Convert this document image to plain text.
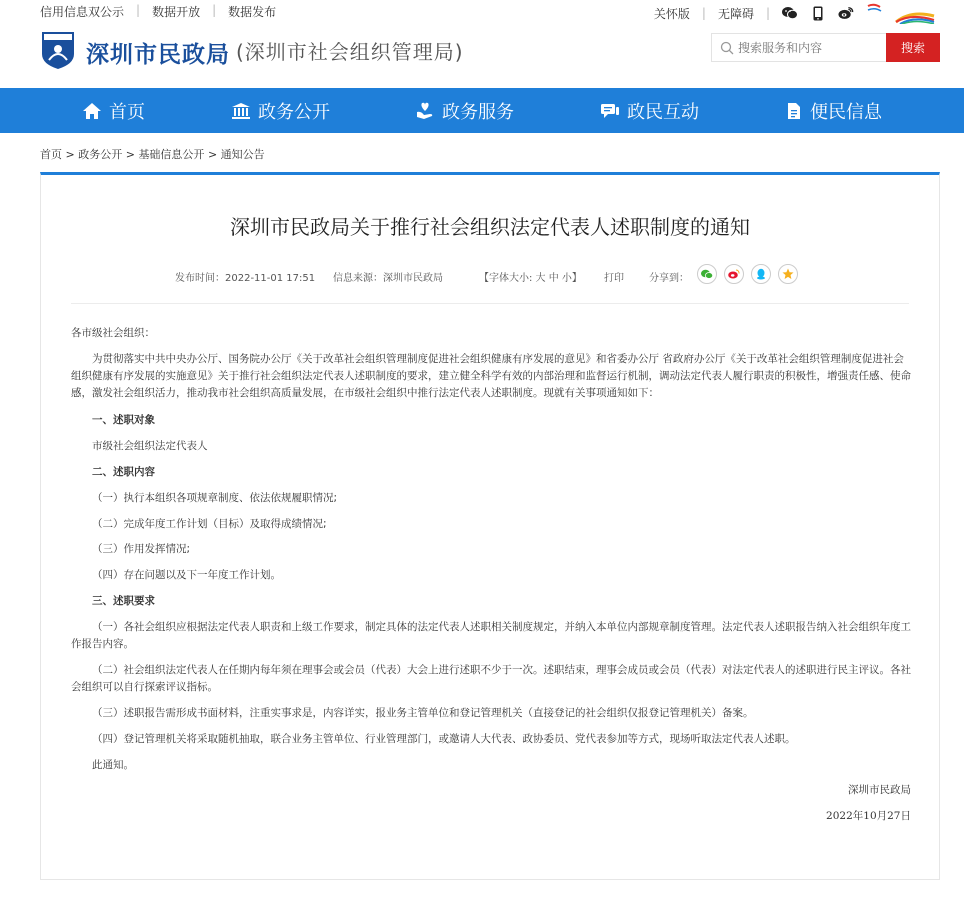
信用信息双公示 | 数据开放 | 数据发布	关怀版 | 无障碍 |
深圳市民政局 (深圳市社会组织管理局)
搜索服务和内容	搜索
首页	政务公开	政务服务	政民互动	便民信息
首页 > 政务公开 > 基础信息公开 > 通知公告
深圳市民政局关于推行社会组织法定代表人述职制度的通知
发布时间：2022-11-01 17:51 信息来源：深圳市民政局	【字体大小: 大 中 小】 打印	分享到：

各市级社会组织：

为贯彻落实中共中央办公厅、国务院办公厅《关于改革社会组织管理制度促进社会组织健康有序发展的意见》和省委办公厅 省政府办公厅《关于改革社会组织管理制度促进社会组织健康有序发展的实施意见》关于推行社会组织法定代表人述职制度的要求，建立健全科学有效的内部治理和监督运行机制，调动法定代表人履行职责的积极性，增强责任感、使命感，激发社会组织活力，推动我市社会组织高质量发展，在市级社会组织中推行法定代表人述职制度。现就有关事项通知如下：

一、述职对象

市级社会组织法定代表人

二、述职内容

（一）执行本组织各项规章制度、依法依规履职情况;

（二）完成年度工作计划（目标）及取得成绩情况;

（三）作用发挥情况;

（四）存在问题以及下一年度工作计划。

三、述职要求

（一）各社会组织应根据法定代表人职责和上级工作要求，制定具体的法定代表人述职相关制度规定，并纳入本单位内部规章制度管理。法定代表人述职报告纳入社会组织年度工作报告内容。

（二）社会组织法定代表人在任期内每年须在理事会或会员（代表）大会上进行述职不少于一次。述职结束，理事会成员或会员（代表）对法定代表人的述职进行民主评议。各社会组织可以自行探索评议指标。

（三）述职报告需形成书面材料，注重实事求是，内容详实，报业务主管单位和登记管理机关（直接登记的社会组织仅报登记管理机关）备案。

（四）登记管理机关将采取随机抽取，联合业务主管单位、行业管理部门，或邀请人大代表、政协委员、党代表参加等方式，现场听取法定代表人述职。

此通知。

深圳市民政局

2022年10月27日
